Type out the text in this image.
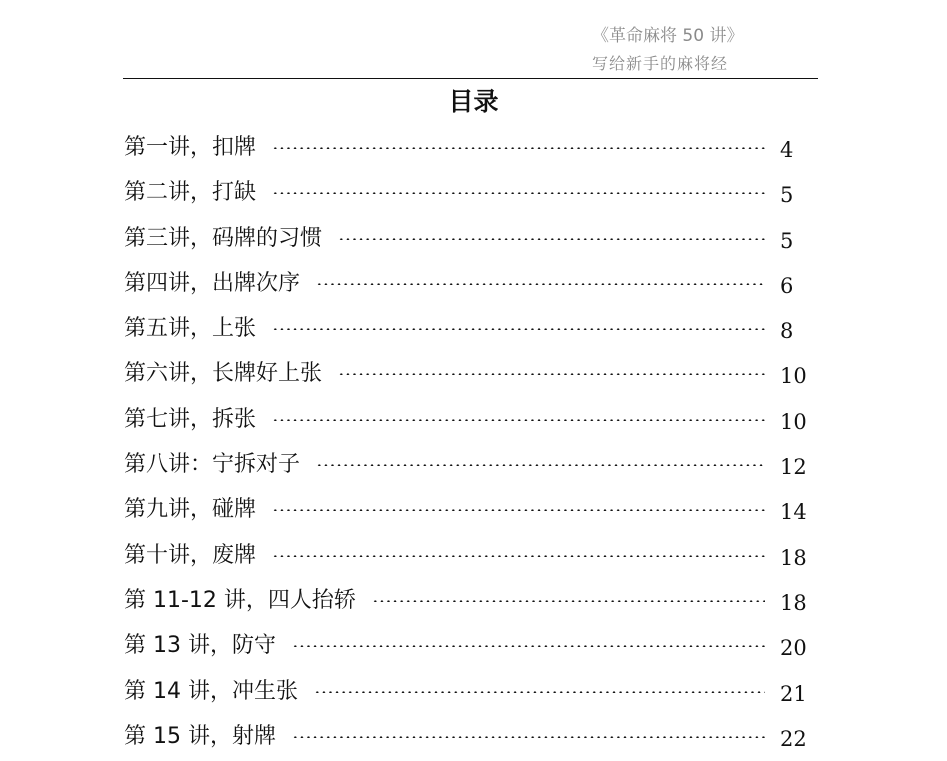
《革命麻将 50 讲》
写给新手的麻将经
目录
第一讲，扣牌	4
第二讲，打缺	5
第三讲，码牌的习惯	5
第四讲，出牌次序	6
第五讲，上张	8
第六讲，长牌好上张	10
第七讲，拆张	10
第八讲：宁拆对子	12
第九讲，碰牌	14
第十讲，废牌	18
第 11-12 讲，四人抬轿	18
第 13 讲，防守	20
第 14 讲，冲生张	21
第 15 讲，射牌	22
